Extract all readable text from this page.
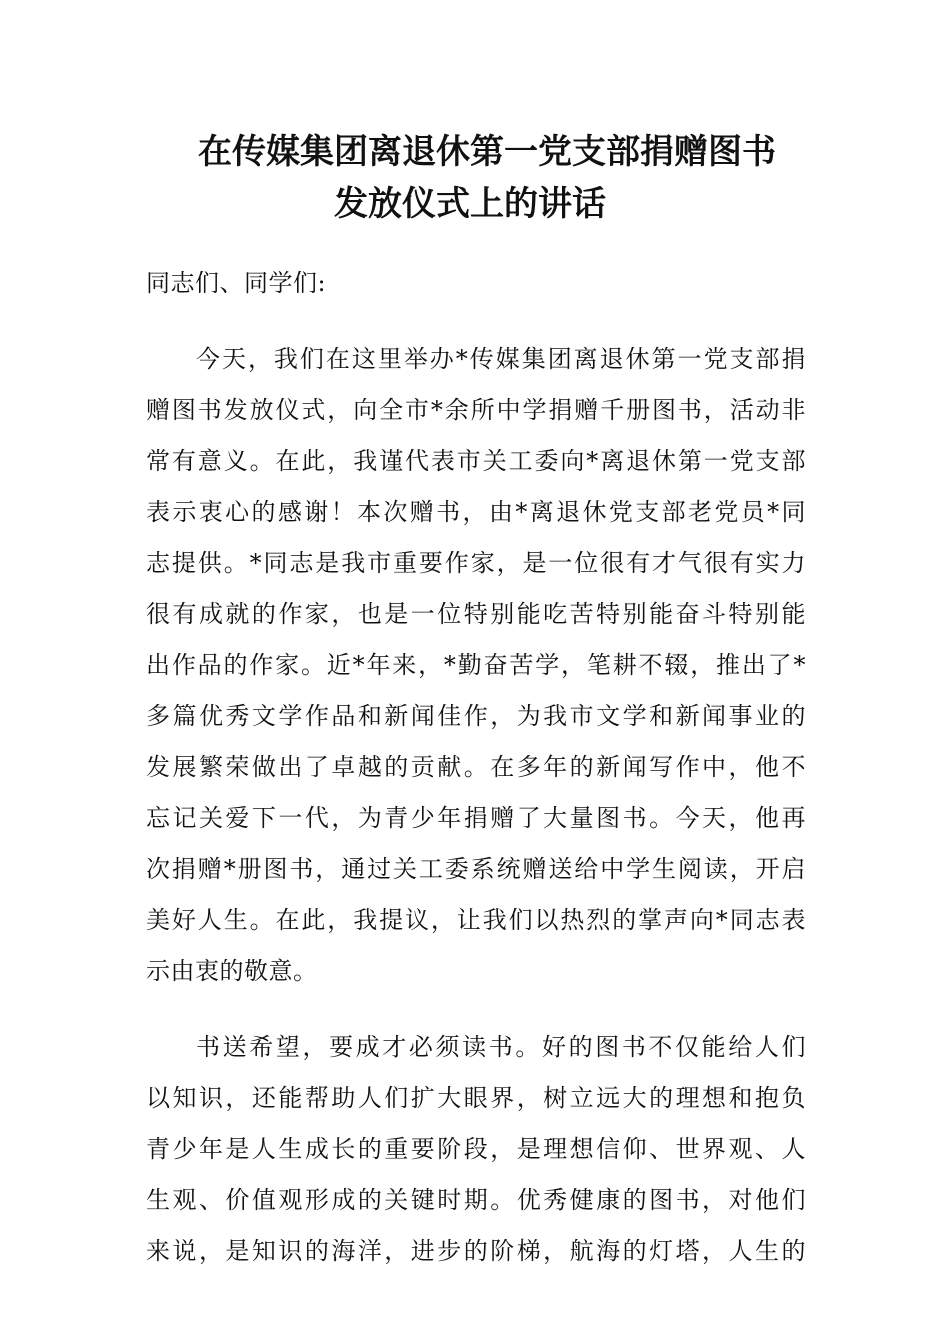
在传媒集团离退休第一党支部捐赠图书

发放仪式上的讲话

同志们、同学们:
今天，我们在这里举办*传媒集团离退休第一党支部捐
赠图书发放仪式，向全市*余所中学捐赠千册图书，活动非
常有意义。在此，我谨代表市关工委向*离退休第一党支部
表示衷心的感谢！本次赠书，由*离退休党支部老党员*同
志提供。*同志是我市重要作家，是一位很有才气很有实力
很有成就的作家，也是一位特别能吃苦特别能奋斗特别能
出作品的作家。近*年来，*勤奋苦学，笔耕不辍，推出了*
多篇优秀文学作品和新闻佳作，为我市文学和新闻事业的
发展繁荣做出了卓越的贡献。在多年的新闻写作中，他不
忘记关爱下一代，为青少年捐赠了大量图书。今天，他再
次捐赠*册图书，通过关工委系统赠送给中学生阅读，开启
美好人生。在此，我提议，让我们以热烈的掌声向*同志表
示由衷的敬意。
书送希望，要成才必须读书。好的图书不仅能给人们
以知识，还能帮助人们扩大眼界，树立远大的理想和抱负
青少年是人生成长的重要阶段，是理想信仰、世界观、人
生观、价值观形成的关键时期。优秀健康的图书，对他们
来说，是知识的海洋，进步的阶梯，航海的灯塔，人生的
